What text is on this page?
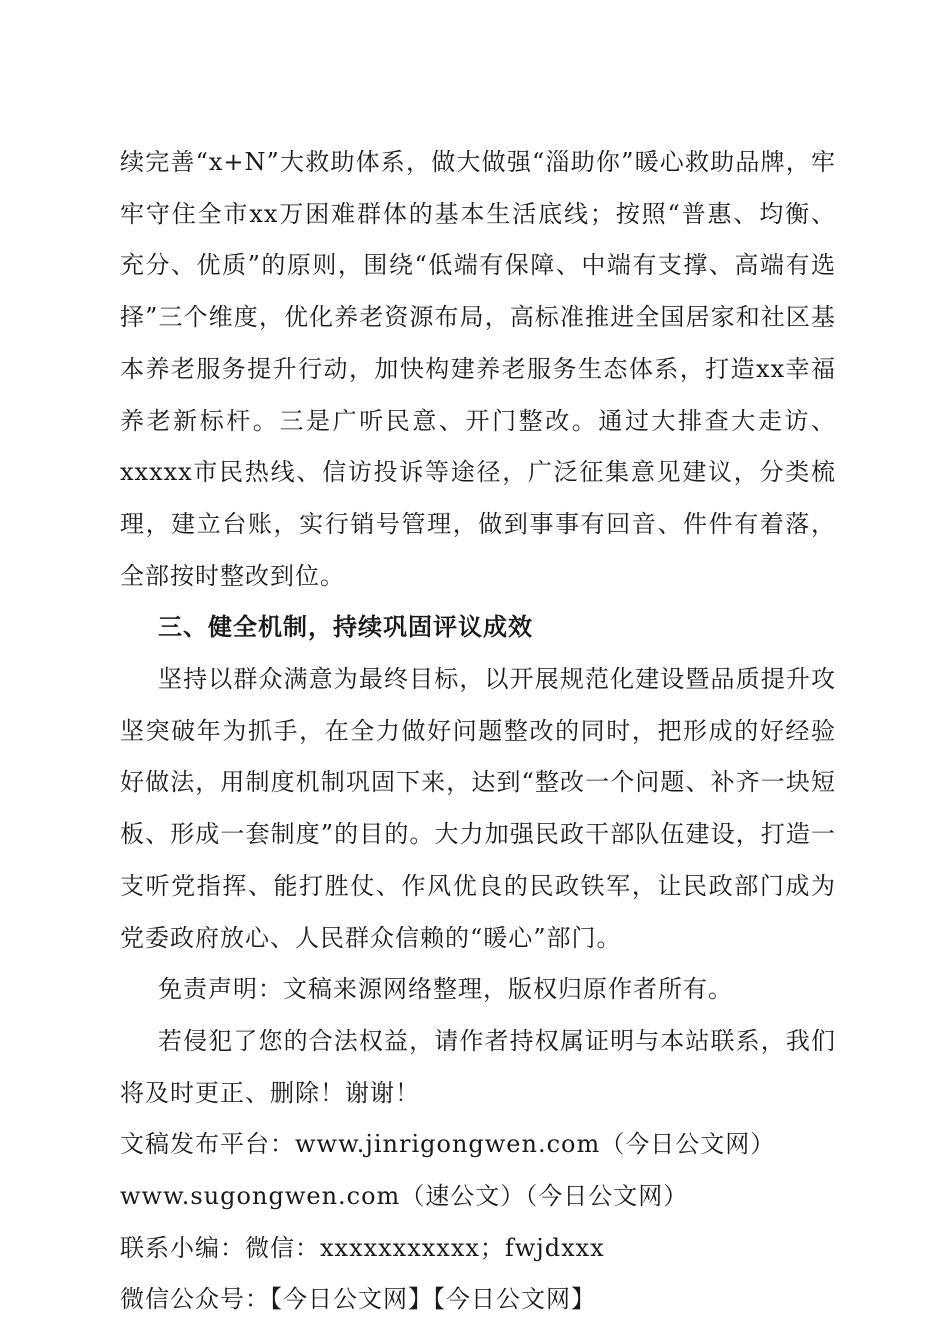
续完善“x+N”大救助体系，做大做强“淄助你”暖心救助品牌，牢牢守住全市xx万困难群体的基本生活底线；按照“普惠、均衡、充分、优质”的原则，围绕“低端有保障、中端有支撑、高端有选择”三个维度，优化养老资源布局，高标准推进全国居家和社区基本养老服务提升行动，加快构建养老服务生态体系，打造xx幸福养老新标杆。三是广听民意、开门整改。通过大排查大走访、xxxxx市民热线、信访投诉等途径，广泛征集意见建议，分类梳理，建立台账，实行销号管理，做到事事有回音、件件有着落，全部按时整改到位。

三、健全机制，持续巩固评议成效

坚持以群众满意为最终目标，以开展规范化建设暨品质提升攻坚突破年为抓手，在全力做好问题整改的同时，把形成的好经验好做法，用制度机制巩固下来，达到“整改一个问题、补齐一块短板、形成一套制度”的目的。大力加强民政干部队伍建设，打造一支听党指挥、能打胜仗、作风优良的民政铁军，让民政部门成为党委政府放心、人民群众信赖的“暖心”部门。

免责声明：文稿来源网络整理，版权归原作者所有。

若侵犯了您的合法权益，请作者持权属证明与本站联系，我们将及时更正、删除！谢谢！

文稿发布平台：www.jinrigongwen.com（今日公文网）

www.sugongwen.com（速公文）（今日公文网）

联系小编：微信：xxxxxxxxxxx；fwjdxxx

微信公众号：【今日公文网】【今日公文网】
